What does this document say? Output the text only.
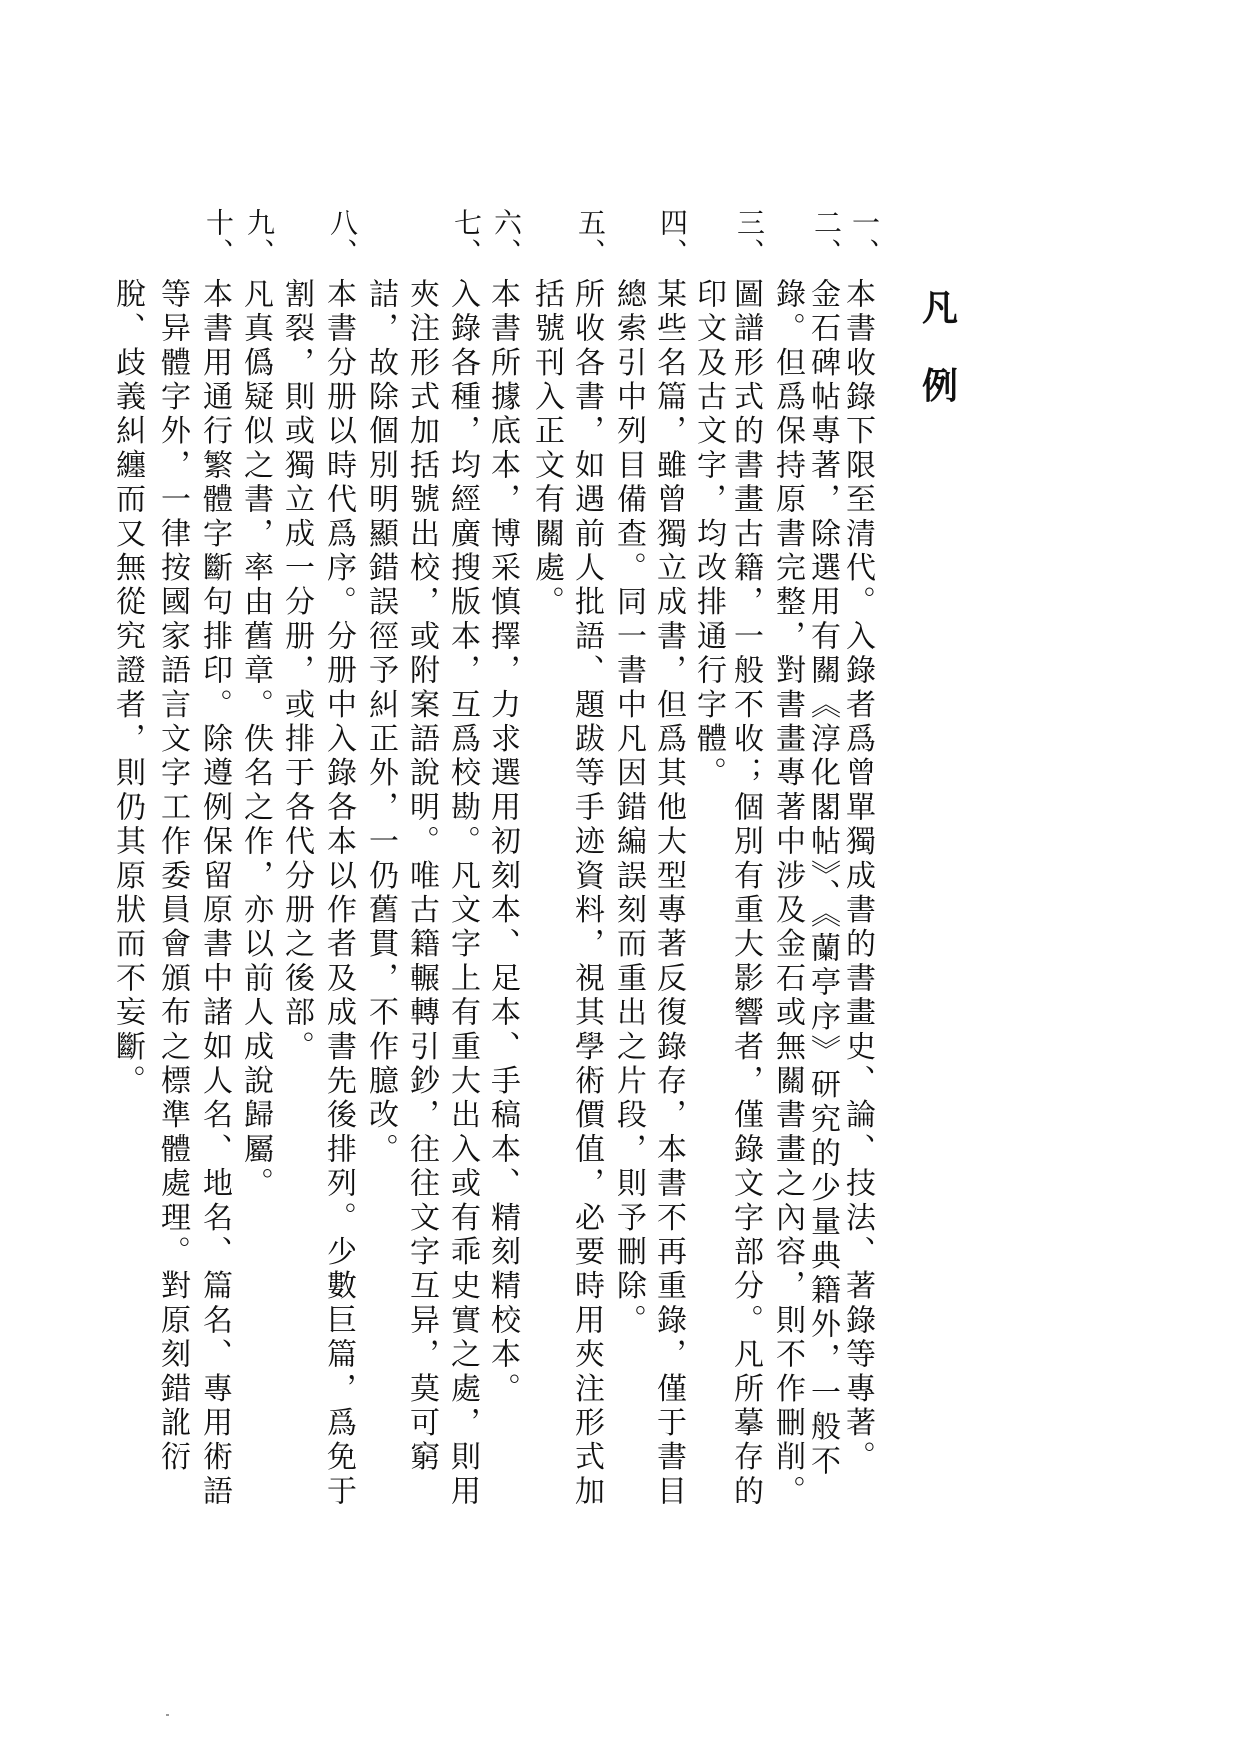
凡
例
一、
本書收錄下限至清代。入錄者爲曾單獨成書的書畫史、論、技法、著錄等專著。
二、
金石碑帖專著，除選用有關《淳化閣帖》、《蘭亭序》研究的少量典籍外，一般不
錄。但爲保持原書完整，對書畫專著中涉及金石或無關書畫之內容，則不作刪削。
三、
圖譜形式的書畫古籍，一般不收；個別有重大影響者，僅錄文字部分。凡所摹存的
印文及古文字，均改排通行字體。
四、
某些名篇，雖曾獨立成書，但爲其他大型專著反復錄存，本書不再重錄，僅于書目
總索引中列目備查。同一書中凡因錯編誤刻而重出之片段，則予刪除。
五、
所收各書，如遇前人批語、題跋等手迹資料，視其學術價值，必要時用夾注形式加
括號刊入正文有關處。
六、
本書所據底本，博采慎擇，力求選用初刻本、足本、手稿本、精刻精校本。
七、
入錄各種，均經廣搜版本，互爲校勘。凡文字上有重大出入或有乖史實之處，則用
夾注形式加括號出校，或附案語說明。唯古籍輾轉引鈔，往往文字互异，莫可窮
詰，故除個別明顯錯誤徑予糾正外，一仍舊貫，不作臆改。
八、
本書分册以時代爲序。分册中入錄各本以作者及成書先後排列。少數巨篇，爲免于
割裂，則或獨立成一分册，或排于各代分册之後部。
九、
凡真僞疑似之書，率由舊章。佚名之作，亦以前人成說歸屬。
十、
本書用通行繁體字斷句排印。除遵例保留原書中諸如人名、地名、篇名、專用術語
等异體字外，一律按國家語言文字工作委員會頒布之標準體處理。對原刻錯訛衍
脫、歧義糾纏而又無從究證者，則仍其原狀而不妄斷。
